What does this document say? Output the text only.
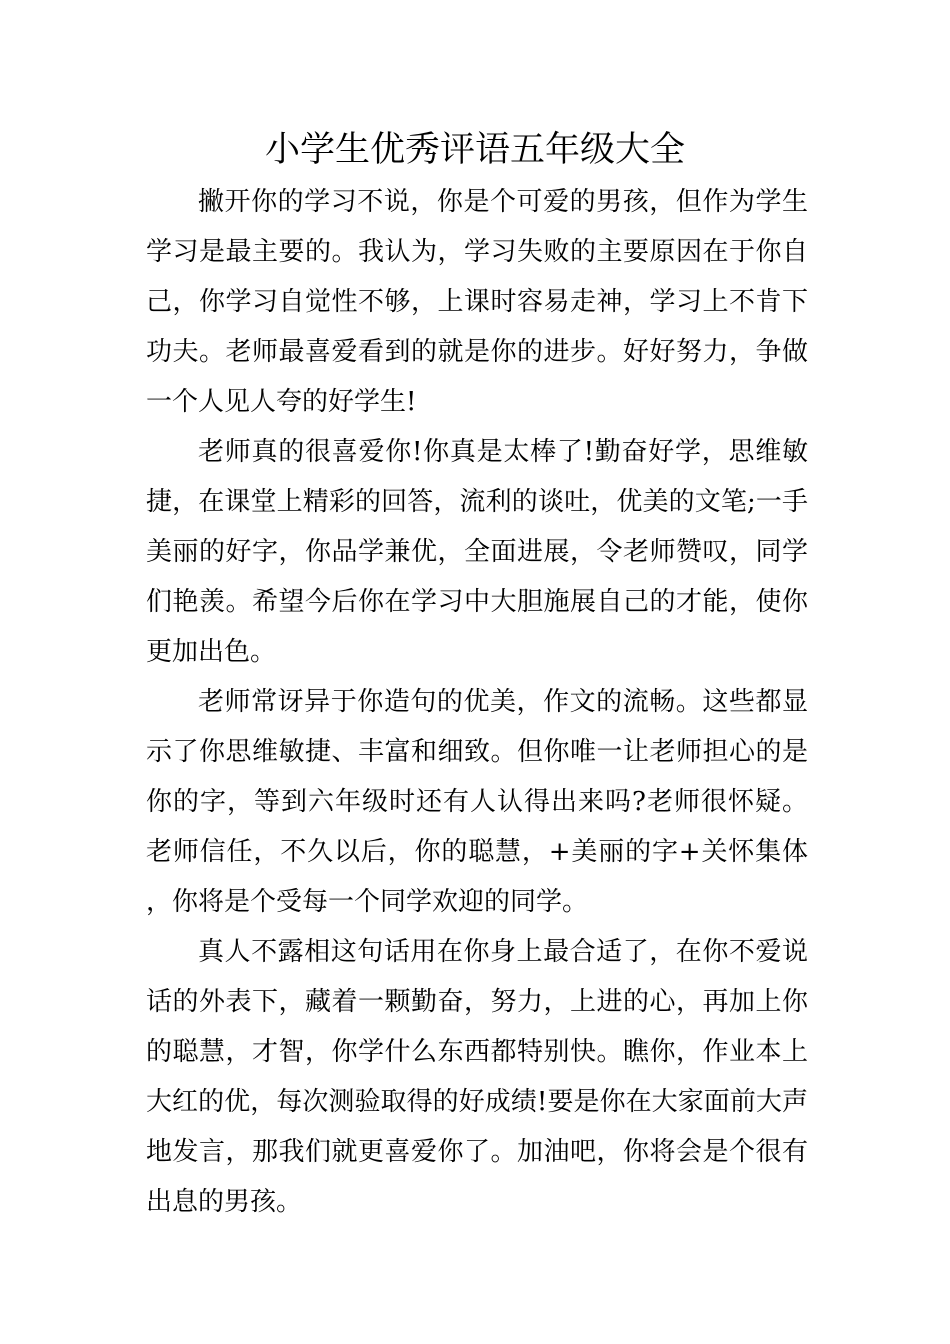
小学生优秀评语五年级大全

撇开你的学习不说，你是个可爱的男孩，但作为学生学习是最主要的。我认为，学习失败的主要原因在于你自己，你学习自觉性不够，上课时容易走神，学习上不肯下功夫。老师最喜爱看到的就是你的进步。好好努力，争做一个人见人夸的好学生!

老师真的很喜爱你!你真是太棒了!勤奋好学，思维敏捷，在课堂上精彩的回答，流利的谈吐，优美的文笔;一手美丽的好字，你品学兼优，全面进展，令老师赞叹，同学们艳羡。希望今后你在学习中大胆施展自己的才能，使你更加出色。

老师常讶异于你造句的优美，作文的流畅。这些都显示了你思维敏捷、丰富和细致。但你唯一让老师担心的是你的字，等到六年级时还有人认得出来吗?老师很怀疑。老师信任，不久以后，你的聪慧，+美丽的字+关怀集体，你将是个受每一个同学欢迎的同学。

真人不露相这句话用在你身上最合适了，在你不爱说话的外表下，藏着一颗勤奋，努力，上进的心，再加上你的聪慧，才智，你学什么东西都特别快。瞧你，作业本上大红的优，每次测验取得的好成绩!要是你在大家面前大声地发言，那我们就更喜爱你了。加油吧，你将会是个很有出息的男孩。
